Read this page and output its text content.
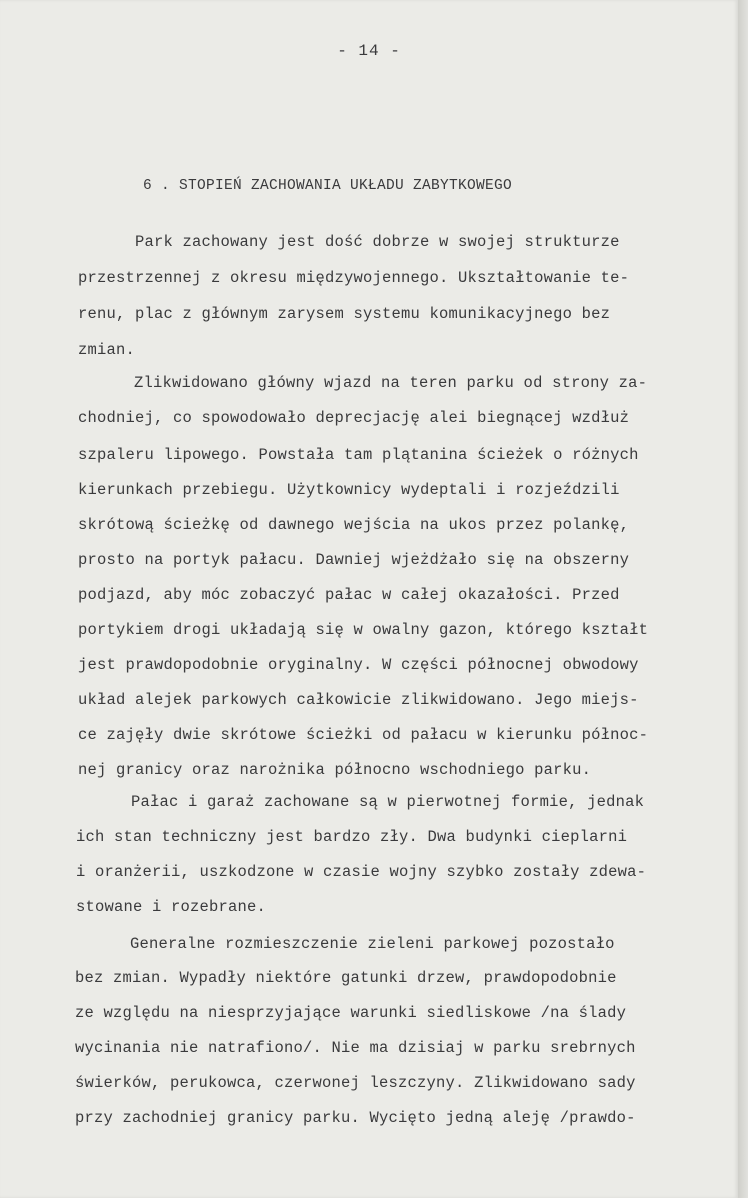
- 14 -
6 . STOPIEŃ ZACHOWANIA UKŁADU ZABYTKOWEGO
Park zachowany jest dość dobrze w swojej strukturze
przestrzennej z okresu międzywojennego. Ukształtowanie te-
renu, plac z głównym zarysem systemu komunikacyjnego bez
zmian.
Zlikwidowano główny wjazd na teren parku od strony za-
chodniej, co spowodowało deprecjację alei biegnącej wzdłuż
szpaleru lipowego. Powstała tam plątanina ścieżek o różnych
kierunkach przebiegu. Użytkownicy wydeptali i rozjeździli
skrótową ścieżkę od dawnego wejścia na ukos przez polankę,
prosto na portyk pałacu. Dawniej wjeżdżało się na obszerny
podjazd, aby móc zobaczyć pałac w całej okazałości. Przed
portykiem drogi układają się w owalny gazon, którego kształt
jest prawdopodobnie oryginalny. W części północnej obwodowy
układ alejek parkowych całkowicie zlikwidowano. Jego miejs-
ce zajęły dwie skrótowe ścieżki od pałacu w kierunku północ-
nej granicy oraz narożnika północno wschodniego parku.
Pałac i garaż zachowane są w pierwotnej formie, jednak
ich stan techniczny jest bardzo zły. Dwa budynki cieplarni
i oranżerii, uszkodzone w czasie wojny szybko zostały zdewa-
stowane i rozebrane.
Generalne rozmieszczenie zieleni parkowej pozostało
bez zmian. Wypadły niektóre gatunki drzew, prawdopodobnie
ze względu na niesprzyjające warunki siedliskowe /na ślady
wycinania nie natrafiono/. Nie ma dzisiaj w parku srebrnych
świerków, perukowca, czerwonej leszczyny. Zlikwidowano sady
przy zachodniej granicy parku. Wycięto jedną aleję /prawdo-
